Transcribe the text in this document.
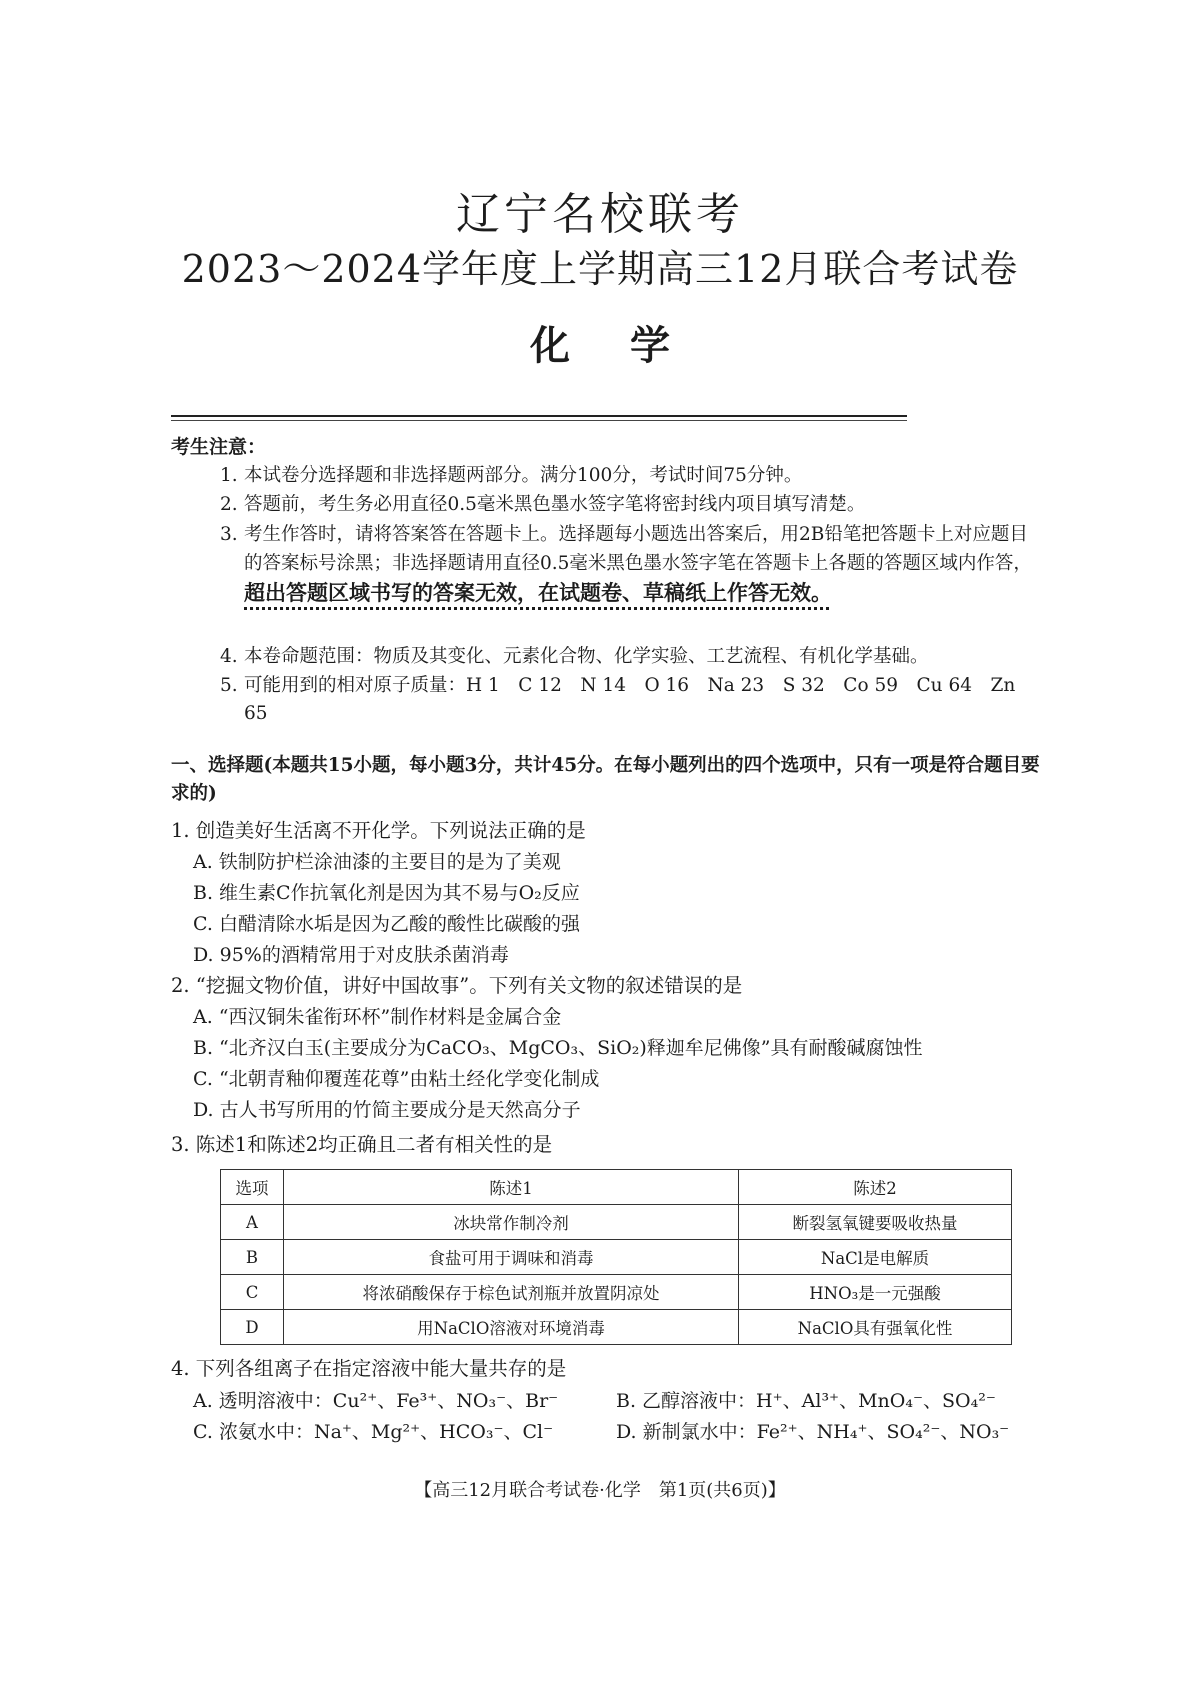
辽宁名校联考
2023～2024学年度上学期高三12月联合考试卷
化学
考生注意：
1. 本试卷分选择题和非选择题两部分。满分100分，考试时间75分钟。
2. 答题前，考生务必用直径0.5毫米黑色墨水签字笔将密封线内项目填写清楚。
3. 考生作答时，请将答案答在答题卡上。选择题每小题选出答案后，用2B铅笔把答题卡上对应题目的答案标号涂黑；非选择题请用直径0.5毫米黑色墨水签字笔在答题卡上各题的答题区域内作答，超出答题区域书写的答案无效，在试题卷、草稿纸上作答无效。
4. 本卷命题范围：物质及其变化、元素化合物、化学实验、工艺流程、有机化学基础。
5. 可能用到的相对原子质量：H 1　C 12　N 14　O 16　Na 23　S 32　Co 59　Cu 64　Zn 65
一、选择题(本题共15小题，每小题3分，共计45分。在每小题列出的四个选项中，只有一项是符合题目要求的)
1. 创造美好生活离不开化学。下列说法正确的是
A. 铁制防护栏涂油漆的主要目的是为了美观
B. 维生素C作抗氧化剂是因为其不易与O₂反应
C. 白醋清除水垢是因为乙酸的酸性比碳酸的强
D. 95%的酒精常用于对皮肤杀菌消毒
2. “挖掘文物价值，讲好中国故事”。下列有关文物的叙述错误的是
A. “西汉铜朱雀衔环杯”制作材料是金属合金
B. “北齐汉白玉(主要成分为CaCO₃、MgCO₃、SiO₂)释迦牟尼佛像”具有耐酸碱腐蚀性
C. “北朝青釉仰覆莲花尊”由粘土经化学变化制成
D. 古人书写所用的竹简主要成分是天然高分子
3. 陈述1和陈述2均正确且二者有相关性的是
选项	陈述1	陈述2
A	冰块常作制冷剂	断裂氢氧键要吸收热量
B	食盐可用于调味和消毒	NaCl是电解质
C	将浓硝酸保存于棕色试剂瓶并放置阴凉处	HNO₃是一元强酸
D	用NaClO溶液对环境消毒	NaClO具有强氧化性
4. 下列各组离子在指定溶液中能大量共存的是
A. 透明溶液中：Cu²⁺、Fe³⁺、NO₃⁻、Br⁻	B. 乙醇溶液中：H⁺、Al³⁺、MnO₄⁻、SO₄²⁻
C. 浓氨水中：Na⁺、Mg²⁺、HCO₃⁻、Cl⁻	D. 新制氯水中：Fe²⁺、NH₄⁺、SO₄²⁻、NO₃⁻
【高三12月联合考试卷·化学　第1页(共6页)】
